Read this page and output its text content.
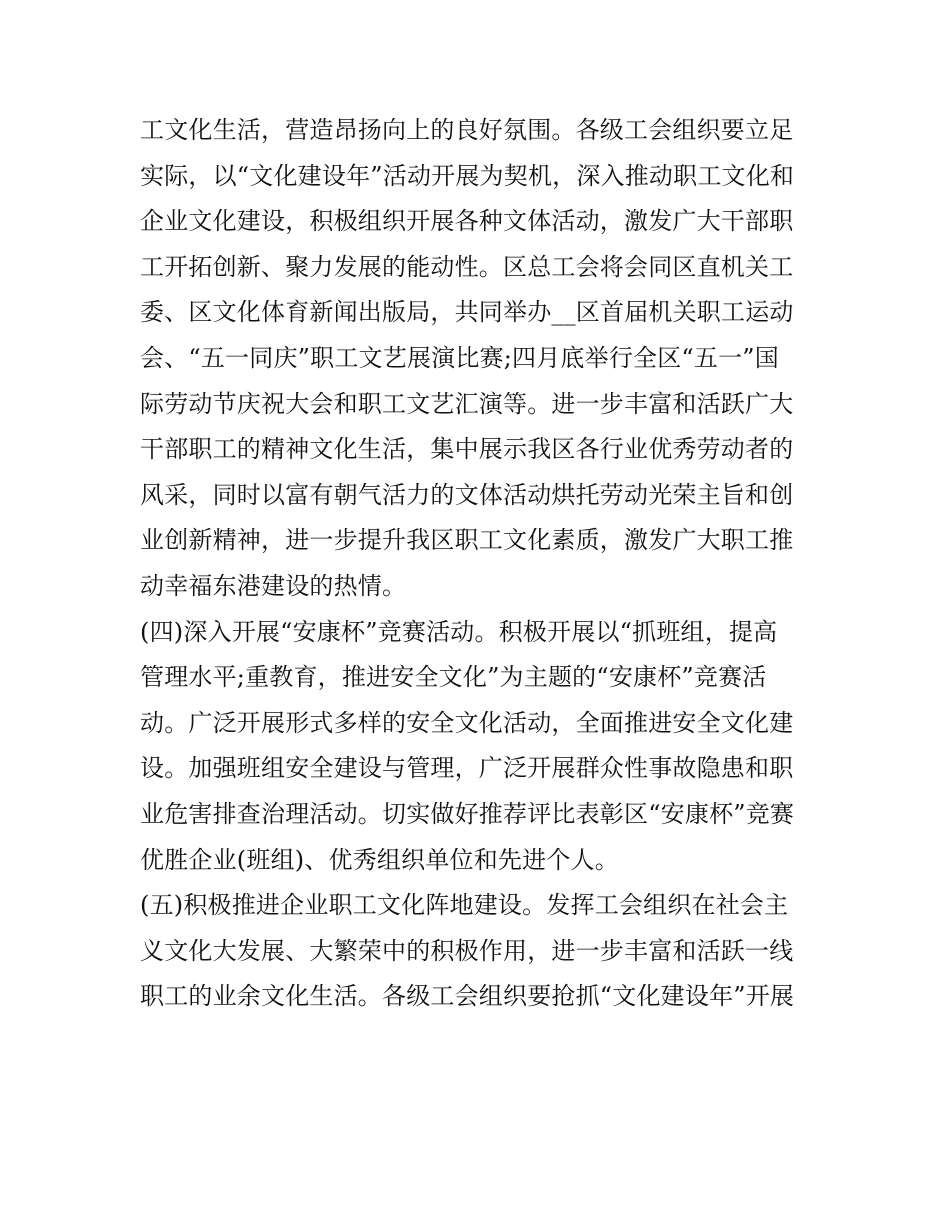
工文化生活，营造昂扬向上的良好氛围。各级工会组织要立足
实际，以“文化建设年”活动开展为契机，深入推动职工文化和
企业文化建设，积极组织开展各种文体活动，激发广大干部职
工开拓创新、聚力发展的能动性。区总工会将会同区直机关工
委、区文化体育新闻出版局，共同举办__区首届机关职工运动
会、“五一同庆”职工文艺展演比赛;四月底举行全区“五一”国
际劳动节庆祝大会和职工文艺汇演等。进一步丰富和活跃广大
干部职工的精神文化生活，集中展示我区各行业优秀劳动者的
风采，同时以富有朝气活力的文体活动烘托劳动光荣主旨和创
业创新精神，进一步提升我区职工文化素质，激发广大职工推
动幸福东港建设的热情。
(四)深入开展“安康杯”竞赛活动。积极开展以“抓班组，提高
管理水平;重教育，推进安全文化”为主题的“安康杯”竞赛活
动。广泛开展形式多样的安全文化活动，全面推进安全文化建
设。加强班组安全建设与管理，广泛开展群众性事故隐患和职
业危害排查治理活动。切实做好推荐评比表彰区“安康杯”竞赛
优胜企业(班组)、优秀组织单位和先进个人。
(五)积极推进企业职工文化阵地建设。发挥工会组织在社会主
义文化大发展、大繁荣中的积极作用，进一步丰富和活跃一线
职工的业余文化生活。各级工会组织要抢抓“文化建设年”开展
